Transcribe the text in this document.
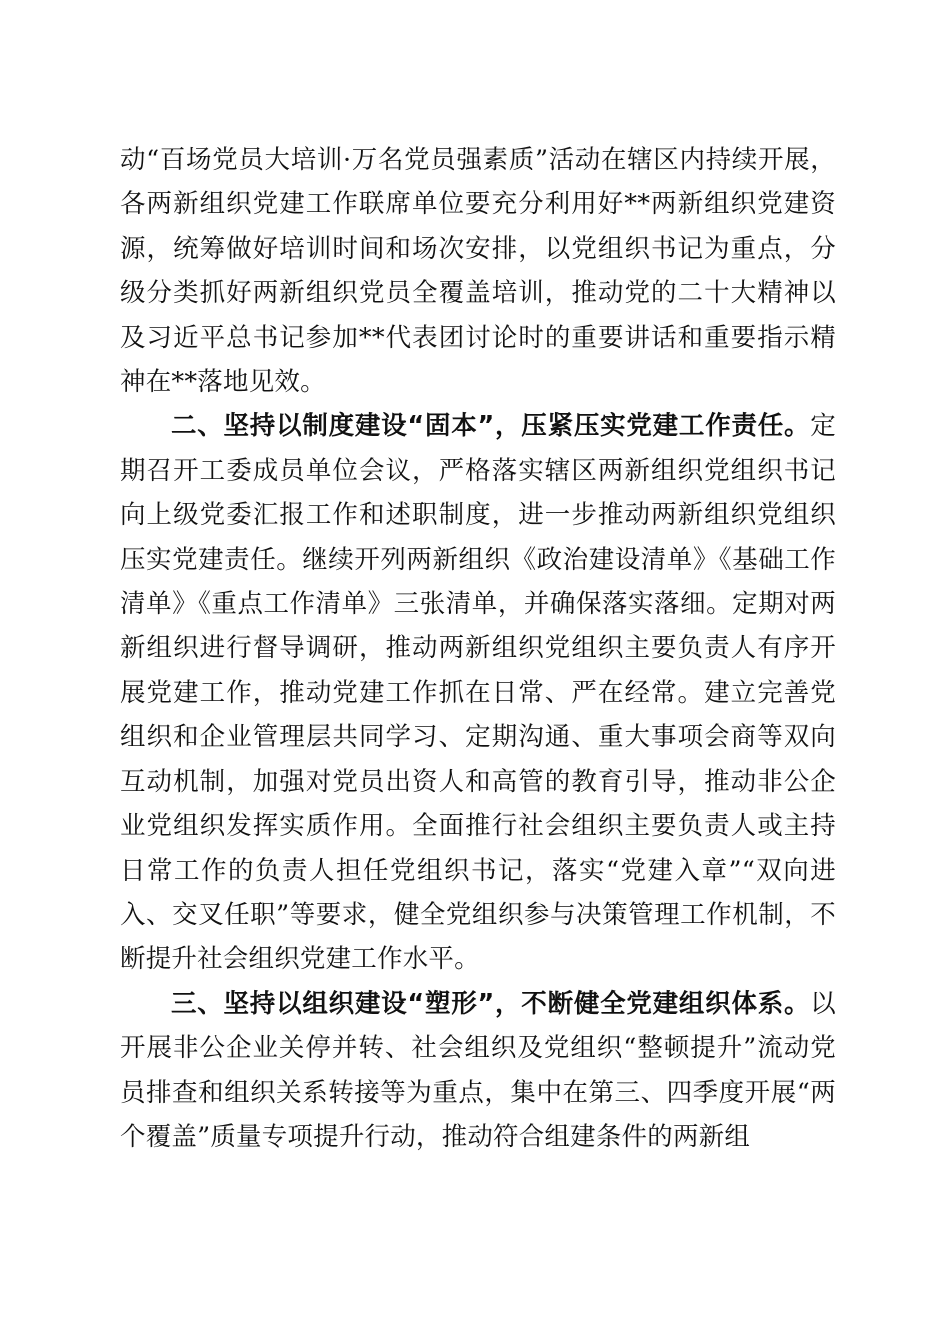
动“百场党员大培训·万名党员强素质”活动在辖区内持续开展，各两新组织党建工作联席单位要充分利用好**两新组织党建资源，统筹做好培训时间和场次安排，以党组织书记为重点，分级分类抓好两新组织党员全覆盖培训，推动党的二十大精神以及习近平总书记参加**代表团讨论时的重要讲话和重要指示精神在**落地见效。

二、坚持以制度建设“固本”，压紧压实党建工作责任。定期召开工委成员单位会议，严格落实辖区两新组织党组织书记向上级党委汇报工作和述职制度，进一步推动两新组织党组织压实党建责任。继续开列两新组织《政治建设清单》《基础工作清单》《重点工作清单》三张清单，并确保落实落细。定期对两新组织进行督导调研，推动两新组织党组织主要负责人有序开展党建工作，推动党建工作抓在日常、严在经常。建立完善党组织和企业管理层共同学习、定期沟通、重大事项会商等双向互动机制，加强对党员出资人和高管的教育引导，推动非公企业党组织发挥实质作用。全面推行社会组织主要负责人或主持日常工作的负责人担任党组织书记，落实“党建入章”“双向进入、交叉任职”等要求，健全党组织参与决策管理工作机制，不断提升社会组织党建工作水平。

三、坚持以组织建设“塑形”，不断健全党建组织体系。以开展非公企业关停并转、社会组织及党组织“整顿提升”流动党员排查和组织关系转接等为重点，集中在第三、四季度开展“两个覆盖”质量专项提升行动，推动符合组建条件的两新组
